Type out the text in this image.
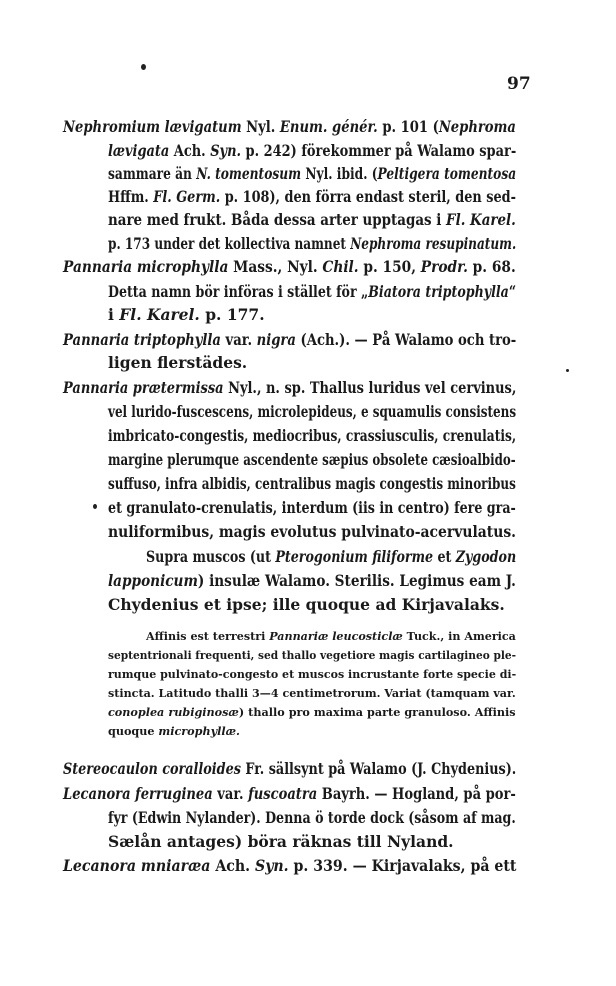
97
Nephromium lævigatum Nyl. Enum. génér. p. 101 (Nephroma
lævigata Ach. Syn. p. 242) förekommer på Walamo spar-
sammare än N. tomentosum Nyl. ibid. (Peltigera tomentosa
Hffm. Fl. Germ. p. 108), den förra endast steril, den sed-
nare med frukt. Båda dessa arter upptagas i Fl. Karel.
p. 173 under det kollectiva namnet Nephroma resupinatum.
Pannaria microphylla Mass., Nyl. Chil. p. 150, Prodr. p. 68.
Detta namn bör införas i stället för „Biatora triptophylla“
i Fl. Karel. p. 177.
Pannaria triptophylla var. nigra (Ach.). — På Walamo och tro-
ligen flerstädes.
Pannaria prætermissa Nyl., n. sp. Thallus luridus vel cervinus,
vel lurido-fuscescens, microlepideus, e squamulis consistens
imbricato-congestis, mediocribus, crassiusculis, crenulatis,
margine plerumque ascendente sæpius obsolete cæsioalbido-
suffuso, infra albidis, centralibus magis congestis minoribus
et granulato-crenulatis, interdum (iis in centro) fere gra-
nuliformibus, magis evolutus pulvinato-acervulatus.
Supra muscos (ut Pterogonium filiforme et Zygodon
lapponicum) insulæ Walamo. Sterilis. Legimus eam J.
Chydenius et ipse; ille quoque ad Kirjavalaks.
Affinis est terrestri Pannariæ leucosticlæ Tuck., in America
septentrionali frequenti, sed thallo vegetiore magis cartilagineo ple-
rumque pulvinato-congesto et muscos incrustante forte specie di-
stincta. Latitudo thalli 3—4 centimetrorum. Variat (tamquam var.
conoplea rubiginosæ) thallo pro maxima parte granuloso. Affinis
quoque microphyllæ.
Stereocaulon coralloides Fr. sällsynt på Walamo (J. Chydenius).
Lecanora ferruginea var. fuscoatra Bayrh. — Hogland, på por-
fyr (Edwin Nylander). Denna ö torde dock (såsom af mag.
Sælån antages) böra räknas till Nyland.
Lecanora mniaræa Ach. Syn. p. 339. — Kirjavalaks, på ett
